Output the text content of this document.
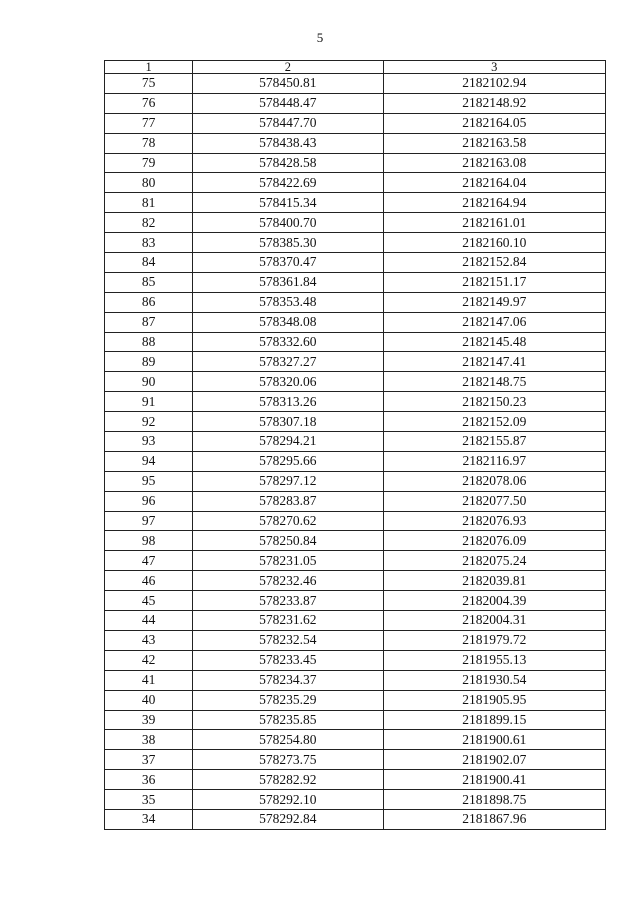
5
1	2	3
75	578450.81	2182102.94
76	578448.47	2182148.92
77	578447.70	2182164.05
78	578438.43	2182163.58
79	578428.58	2182163.08
80	578422.69	2182164.04
81	578415.34	2182164.94
82	578400.70	2182161.01
83	578385.30	2182160.10
84	578370.47	2182152.84
85	578361.84	2182151.17
86	578353.48	2182149.97
87	578348.08	2182147.06
88	578332.60	2182145.48
89	578327.27	2182147.41
90	578320.06	2182148.75
91	578313.26	2182150.23
92	578307.18	2182152.09
93	578294.21	2182155.87
94	578295.66	2182116.97
95	578297.12	2182078.06
96	578283.87	2182077.50
97	578270.62	2182076.93
98	578250.84	2182076.09
47	578231.05	2182075.24
46	578232.46	2182039.81
45	578233.87	2182004.39
44	578231.62	2182004.31
43	578232.54	2181979.72
42	578233.45	2181955.13
41	578234.37	2181930.54
40	578235.29	2181905.95
39	578235.85	2181899.15
38	578254.80	2181900.61
37	578273.75	2181902.07
36	578282.92	2181900.41
35	578292.10	2181898.75
34	578292.84	2181867.96
